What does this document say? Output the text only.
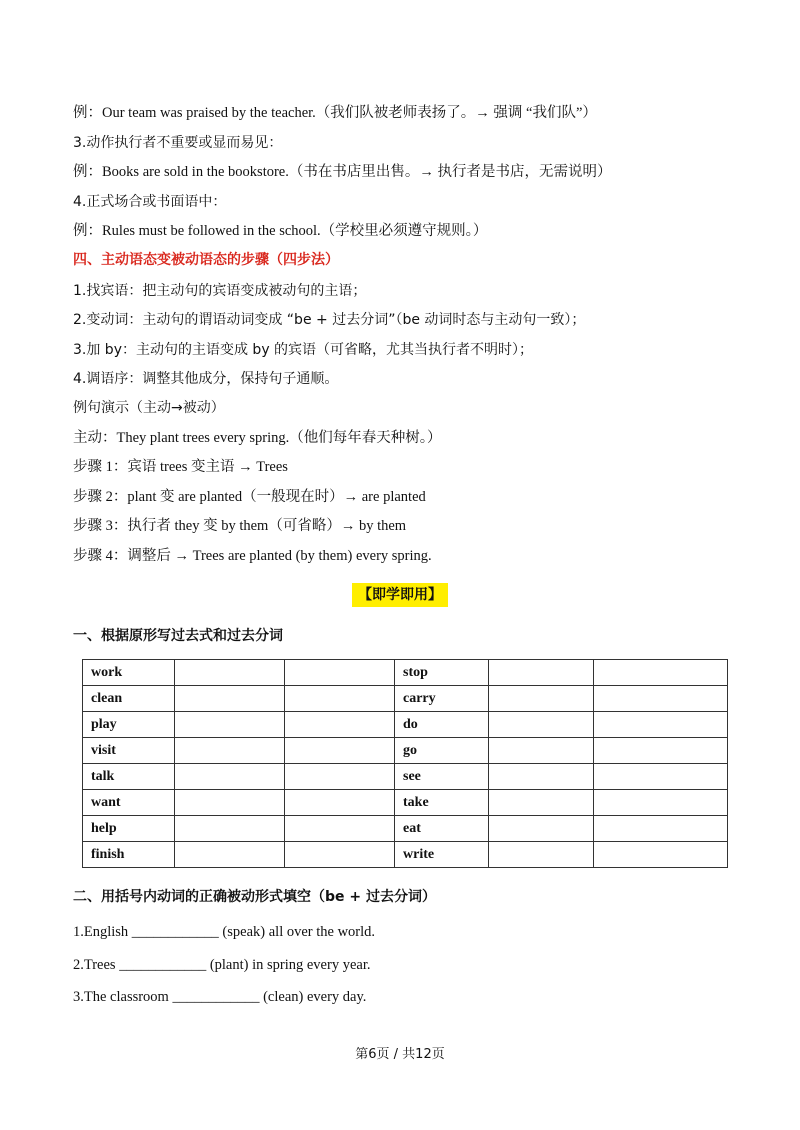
例：Our team was praised by the teacher.（我们队被老师表扬了。→ 强调 “我们队”）
3.动作执行者不重要或显而易见：
例：Books are sold in the bookstore.（书在书店里出售。→ 执行者是书店，无需说明）
4.正式场合或书面语中：
例：Rules must be followed in the school.（学校里必须遵守规则。）
四、主动语态变被动语态的步骤（四步法）
1.找宾语：把主动句的宾语变成被动句的主语；
2.变动词：主动句的谓语动词变成 “be + 过去分词”（be 动词时态与主动句一致）；
3.加 by：主动句的主语变成 by 的宾语（可省略，尤其当执行者不明时）；
4.调语序：调整其他成分，保持句子通顺。
例句演示（主动→被动）
主动：They plant trees every spring.（他们每年春天种树。）
步骤 1：宾语 trees 变主语 → Trees
步骤 2：plant 变 are planted（一般现在时）→ are planted
步骤 3：执行者 they 变 by them（可省略）→ by them
步骤 4：调整后 → Trees are planted (by them) every spring.
【即学即用】
一、根据原形写过去式和过去分词
work			stop		
clean			carry		
play			do		
visit			go		
talk			see		
want			take		
help			eat		
finish			write		
二、用括号内动词的正确被动形式填空（be + 过去分词）
1.English ____________ (speak) all over the world.
2.Trees ____________ (plant) in spring every year.
3.The classroom ____________ (clean) every day.
第6页 / 共12页
